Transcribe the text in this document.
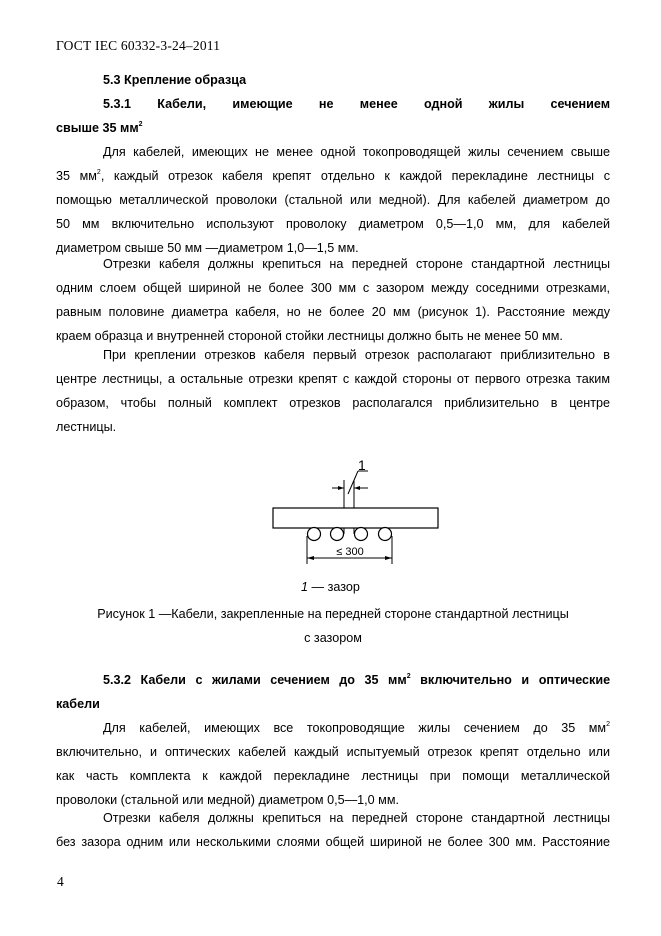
ГОСТ IEC 60332-3-24–2011
5.3 Крепление образца
5.3.1 Кабели, имеющие не менее одной жилы сечением
свыше 35 $мм^2$
Для кабелей, имеющих не менее одной токопроводящей жилы сечением свыше
35 $мм^2$, каждый отрезок кабеля крепят отдельно к каждой перекладине лестницы с
помощью металлической проволоки (стальной или медной). Для кабелей диаметром до
50 мм включительно используют проволоку диаметром 0,5—1,0 мм, для кабелей
диаметром свыше 50 мм —диаметром 1,0—1,5 мм.
Отрезки кабеля должны крепиться на передней стороне стандартной лестницы
одним слоем общей шириной не более 300 мм с зазором между соседними отрезками,
равным половине диаметра кабеля, но не более 20 мм (рисунок 1). Расстояние между
краем образца и внутренней стороной стойки лестницы должно быть не менее 50 мм.
При креплении отрезков кабеля первый отрезок располагают приблизительно в
центре лестницы, а остальные отрезки крепят с каждой стороны от первого отрезка таким
образом, чтобы полный комплект отрезков располагался приблизительно в центре
лестницы.
1
≤ 300
1 — зазор
Рисунок 1 —Кабели, закрепленные на передней стороне стандартной лестницы
с зазором
5.3.2 Кабели с жилами сечением до 35 $мм^2$ включительно и оптические
кабели
Для кабелей, имеющих все токопроводящие жилы сечением до 35 $мм^2$
включительно, и оптических кабелей каждый испытуемый отрезок крепят отдельно или
как часть комплекта к каждой перекладине лестницы при помощи металлической
проволоки (стальной или медной) диаметром 0,5—1,0 мм.
Отрезки кабеля должны крепиться на передней стороне стандартной лестницы
без зазора одним или несколькими слоями общей шириной не более 300 мм. Расстояние
4
